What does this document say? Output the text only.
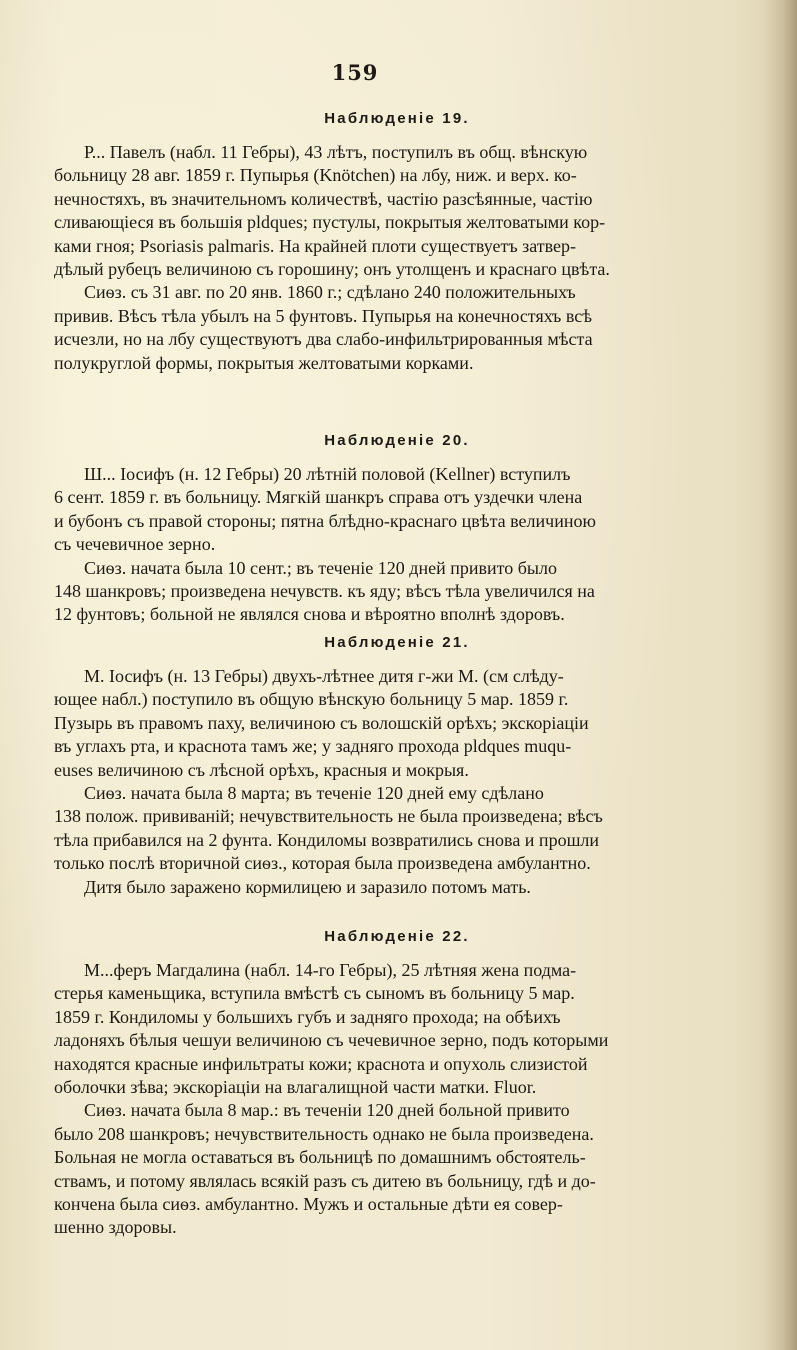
159
Наблюденіе 19.
Р... Павелъ (набл. 11 Гебры), 43 лѣтъ, поступилъ въ общ. вѣнскую
больницу 28 авг. 1859 г. Пупырья (Knötchen) на лбу, ниж. и верх. ко-
нечностяхъ, въ значительномъ количествѣ, частію разсѣянные, частію
сливающіеся въ большія pldques; пустулы, покрытыя желтоватыми кор-
ками гноя; Psoriasis palmaris. На крайней плоти существуетъ затвер-
дѣлый рубецъ величиною съ горошину; онъ утолщенъ и краснаго цвѣта.
Сиѳз. съ 31 авг. по 20 янв. 1860 г.; сдѣлано 240 положительныхъ
привив. Вѣсъ тѣла убылъ на 5 фунтовъ. Пупырья на конечностяхъ всѣ
исчезли, но на лбу существуютъ два слабо-инфильтрированныя мѣста
полукруглой формы, покрытыя желтоватыми корками.
Наблюденіе 20.
Ш... Іосифъ (н. 12 Гебры) 20 лѣтній половой (Kellner) вступилъ
6 сент. 1859 г. въ больницу. Мягкій шанкръ справа отъ уздечки члена
и бубонъ съ правой стороны; пятна блѣдно-краснаго цвѣта величиною
съ чечевичное зерно.
Сиѳз. начата была 10 сент.; въ теченіе 120 дней привито было
148 шанкровъ; произведена нечувств. къ яду; вѣсъ тѣла увеличился на
12 фунтовъ; больной не являлся снова и вѣроятно вполнѣ здоровъ.
Наблюденіе 21.
М. Іосифъ (н. 13 Гебры) двухъ-лѣтнее дитя г-жи М. (см слѣду-
ющее набл.) поступило въ общую вѣнскую больницу 5 мар. 1859 г.
Пузырь въ правомъ паху, величиною съ волошскій орѣхъ; экскоріаціи
въ углахъ рта, и краснота тамъ же; у задняго прохода pldques muqu-
euses величиною съ лѣсной орѣхъ, красныя и мокрыя.
Сиѳз. начата была 8 марта; въ теченіе 120 дней ему сдѣлано
138 полож. прививаній; нечувствительность не была произведена; вѣсъ
тѣла прибавился на 2 фунта. Кондиломы возвратились снова и прошли
только послѣ вторичной сиѳз., которая была произведена амбулантно.
Дитя было заражено кормилицею и заразило потомъ мать.
Наблюденіе 22.
М...феръ Магдалина (набл. 14-го Гебры), 25 лѣтняя жена подма-
стерья каменьщика, вступила вмѣстѣ съ сыномъ въ больницу 5 мар.
1859 г. Кондиломы у большихъ губъ и задняго прохода; на обѣихъ
ладоняхъ бѣлыя чешуи величиною съ чечевичное зерно, подъ которыми
находятся красные инфильтраты кожи; краснота и опухоль слизистой
оболочки зѣва; экскоріаціи на влагалищной части матки. Fluor.
Сиѳз. начата была 8 мар.: въ теченіи 120 дней больной привито
было 208 шанкровъ; нечувствительность однако не была произведена.
Больная не могла оставаться въ больницѣ по домашнимъ обстоятель-
ствамъ, и потому являлась всякій разъ съ дитею въ больницу, гдѣ и до-
кончена была сиѳз. амбулантно. Мужъ и остальные дѣти ея совер-
шенно здоровы.
